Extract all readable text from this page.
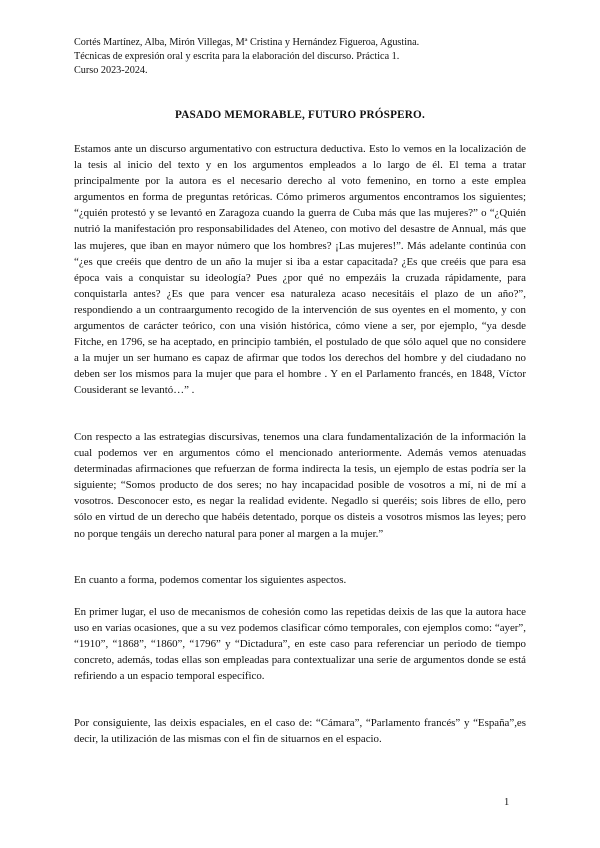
Cortés Martínez, Alba, Mirón Villegas, Mª Cristina y Hernández Figueroa, Agustina.
Técnicas de expresión oral y escrita para la elaboración del discurso. Práctica 1.
Curso 2023-2024.
PASADO MEMORABLE, FUTURO PRÓSPERO.

Estamos ante un discurso argumentativo con estructura deductiva. Esto lo vemos en la localización de la tesis al inicio del texto y en los argumentos empleados a lo largo de él. El tema a tratar principalmente por la autora es el necesario derecho al voto femenino, en torno a este emplea argumentos en forma de preguntas retóricas. Cómo primeros argumentos encontramos los siguientes; “¿quién protestó y se levantó en Zaragoza cuando la guerra de Cuba más que las mujeres?” o “¿Quién nutrió la manifestación pro responsabilidades del Ateneo, con motivo del desastre de Annual, más que las mujeres, que iban en mayor número que los hombres? ¡Las mujeres!”. Más adelante continúa con “¿es que creéis que dentro de un año la mujer si iba a estar capacitada? ¿Es que creéis que para esa época vais a conquistar su ideología? Pues ¿por qué no empezáis la cruzada rápidamente, para conquistarla antes? ¿Es que para vencer esa naturaleza acaso necesitáis el plazo de un año?”, respondiendo a un contraargumento recogido de la intervención de sus oyentes en el momento, y con argumentos de carácter teórico, con una visión histórica, cómo viene a ser, por ejemplo, “ya desde Fitche, en 1796, se ha aceptado, en principio también, el postulado de que sólo aquel que no considere a la mujer un ser humano es capaz de afirmar que todos los derechos del hombre y del ciudadano no deben ser los mismos para la mujer que para el hombre . Y en el Parlamento francés, en 1848, Víctor Cousiderant se levantó…” .

Con respecto a las estrategias discursivas, tenemos una clara fundamentalización de la información la cual podemos ver en argumentos cómo el mencionado anteriormente. Además vemos atenuadas determinadas afirmaciones que refuerzan de forma indirecta la tesis, un ejemplo de estas podría ser la siguiente; “Somos producto de dos seres; no hay incapacidad posible de vosotros a mí, ni de mí a vosotros. Desconocer esto, es negar la realidad evidente. Negadlo si queréis; sois libres de ello, pero sólo en virtud de un derecho que habéis detentado, porque os disteis a vosotros mismos las leyes; pero no porque tengáis un derecho natural para poner al margen a la mujer.”

En cuanto a forma, podemos comentar los siguientes aspectos.

En primer lugar, el uso de mecanismos de cohesión como las repetidas deixis de las que la autora hace uso en varias ocasiones, que a su vez podemos clasificar cómo temporales, con ejemplos como: “ayer”, “1910”, “1868”, “1860”, “1796” y “Dictadura”, en este caso para referenciar un periodo de tiempo concreto, además, todas ellas son empleadas para contextualizar una serie de argumentos donde se está refiriendo a un espacio temporal específico.

Por consiguiente, las deixis espaciales, en el caso de: “Cámara”, “Parlamento francés” y “España”,es decir, la utilización de las mismas con el fin de situarnos en el espacio.

1
